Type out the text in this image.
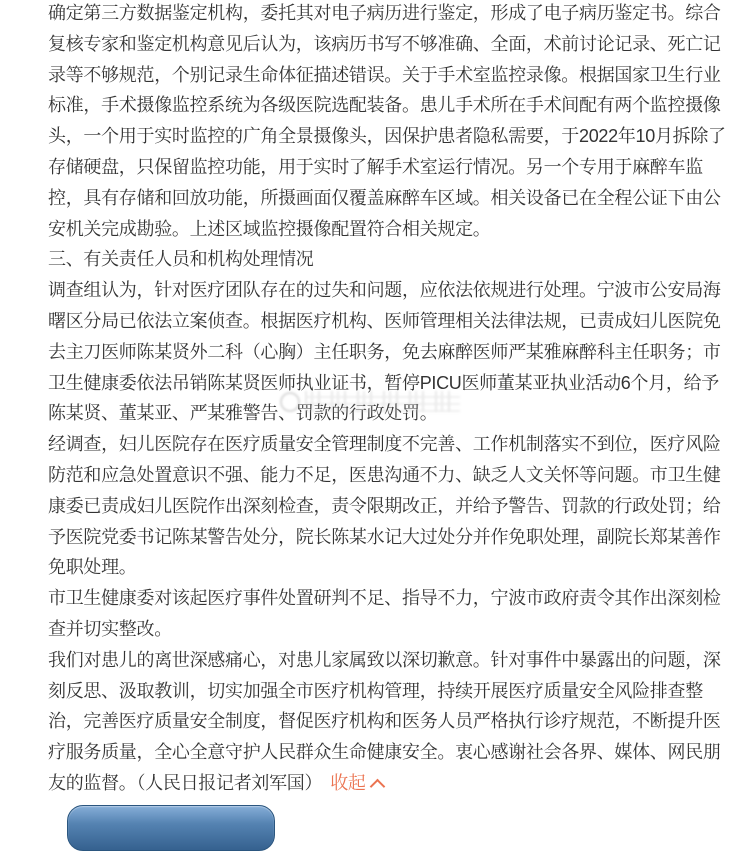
确定第三方数据鉴定机构，委托其对电子病历进行鉴定，形成了电子病历鉴定书。综合
复核专家和鉴定机构意见后认为，该病历书写不够准确、全面，术前讨论记录、死亡记
录等不够规范，个别记录生命体征描述错误。关于手术室监控录像。根据国家卫生行业
标准，手术摄像监控系统为各级医院选配装备。患儿手术所在手术间配有两个监控摄像
头，一个用于实时监控的广角全景摄像头，因保护患者隐私需要，于2022年10月拆除了
存储硬盘，只保留监控功能，用于实时了解手术室运行情况。另一个专用于麻醉车监
控，具有存储和回放功能，所摄画面仅覆盖麻醉车区域。相关设备已在全程公证下由公
安机关完成勘验。上述区域监控摄像配置符合相关规定。
三、有关责任人员和机构处理情况
调查组认为，针对医疗团队存在的过失和问题，应依法依规进行处理。宁波市公安局海
曙区分局已依法立案侦查。根据医疗机构、医师管理相关法律法规，已责成妇儿医院免
去主刀医师陈某贤外二科（心胸）主任职务，免去麻醉医师严某雅麻醉科主任职务；市
卫生健康委依法吊销陈某贤医师执业证书，暂停PICU医师董某亚执业活动6个月，给予
陈某贤、董某亚、严某雅警告、罚款的行政处罚。
经调查，妇儿医院存在医疗质量安全管理制度不完善、工作机制落实不到位，医疗风险
防范和应急处置意识不强、能力不足，医患沟通不力、缺乏人文关怀等问题。市卫生健
康委已责成妇儿医院作出深刻检查，责令限期改正，并给予警告、罚款的行政处罚；给
予医院党委书记陈某警告处分，院长陈某水记大过处分并作免职处理，副院长郑某善作
免职处理。
市卫生健康委对该起医疗事件处置研判不足、指导不力，宁波市政府责令其作出深刻检
查并切实整改。
我们对患儿的离世深感痛心，对患儿家属致以深切歉意。针对事件中暴露出的问题，深
刻反思、汲取教训，切实加强全市医疗机构管理，持续开展医疗质量安全风险排查整
治，完善医疗质量安全制度，督促医疗机构和医务人员严格执行诊疗规范，不断提升医
疗服务质量，全心全意守护人民群众生命健康安全。衷心感谢社会各界、媒体、网民朋
友的监督。（人民日报记者刘军国） 收起
